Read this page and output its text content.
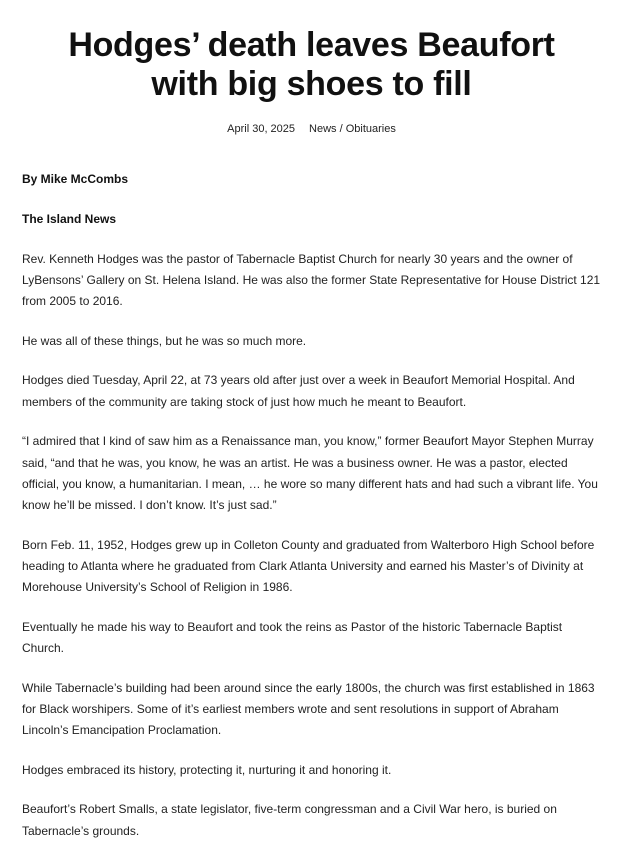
Hodges’ death leaves Beaufort
with big shoes to fill
April 30, 2025 News / Obituaries

By Mike McCombs

The Island News

Rev. Kenneth Hodges was the pastor of Tabernacle Baptist Church for nearly 30 years and the owner of LyBensons’ Gallery on St. Helena Island. He was also the former State Representative for House District 121 from 2005 to 2016.

He was all of these things, but he was so much more.

Hodges died Tuesday, April 22, at 73 years old after just over a week in Beaufort Memorial Hospital. And members of the community are taking stock of just how much he meant to Beaufort.

“I admired that I kind of saw him as a Renaissance man, you know,” former Beaufort Mayor Stephen Murray said, “and that he was, you know, he was an artist. He was a business owner. He was a pastor, elected official, you know, a humanitarian. I mean, … he wore so many different hats and had such a vibrant life. You know he’ll be missed. I don’t know. It’s just sad.”

Born Feb. 11, 1952, Hodges grew up in Colleton County and graduated from Walterboro High School before heading to Atlanta where he graduated from Clark Atlanta University and earned his Master’s of Divinity at Morehouse University’s School of Religion in 1986.

Eventually he made his way to Beaufort and took the reins as Pastor of the historic Tabernacle Baptist Church.

While Tabernacle’s building had been around since the early 1800s, the church was first established in 1863 for Black worshipers. Some of it’s earliest members wrote and sent resolutions in support of Abraham Lincoln’s Emancipation Proclamation.

Hodges embraced its history, protecting it, nurturing it and honoring it.

Beaufort’s Robert Smalls, a state legislator, five-term congressman and a Civil War hero, is buried on Tabernacle’s grounds.
